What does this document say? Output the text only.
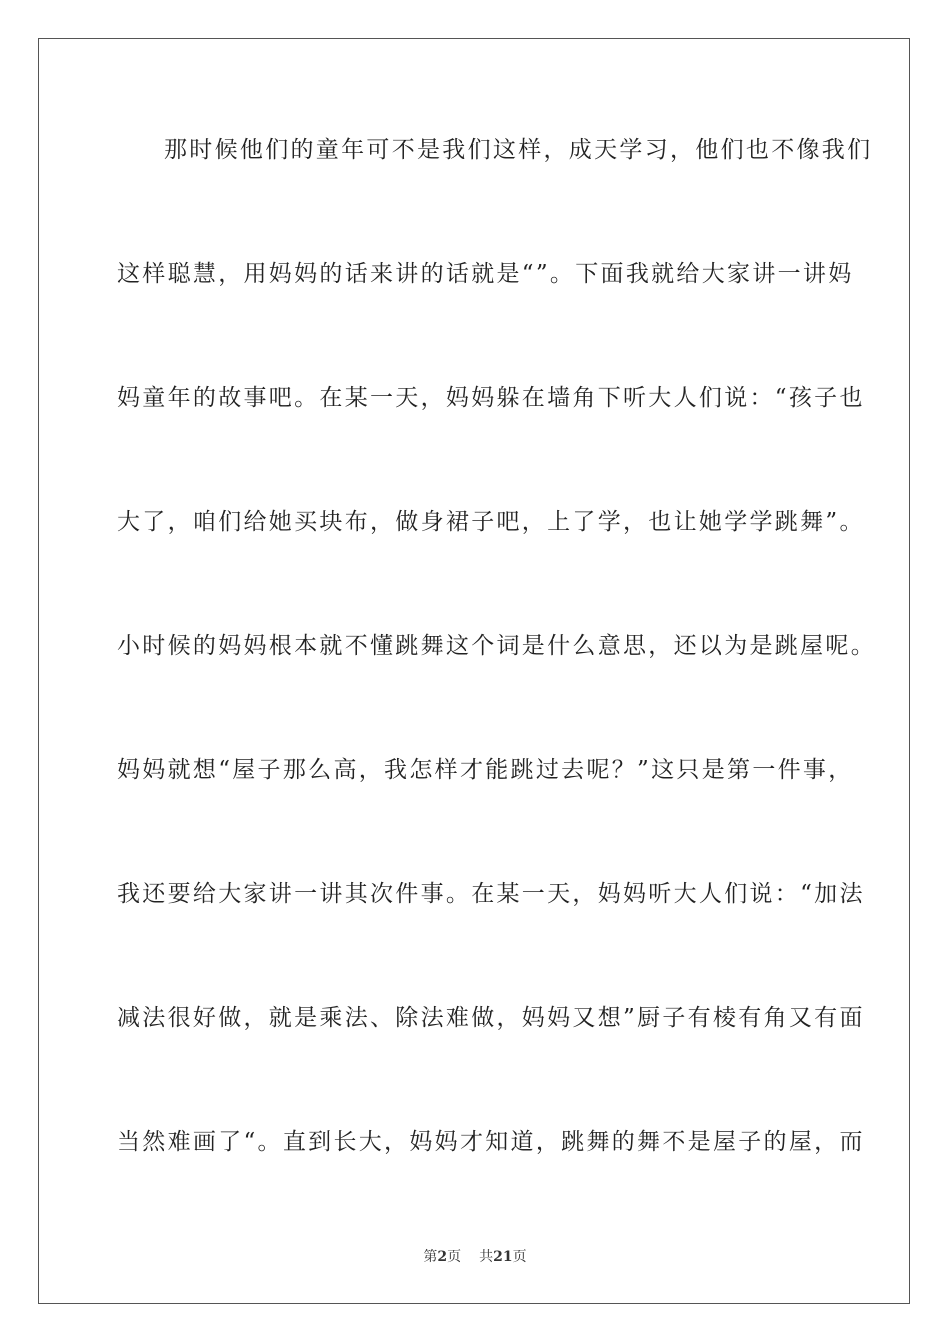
那时候他们的童年可不是我们这样，成天学习，他们也不像我们

这样聪慧，用妈妈的话来讲的话就是“”。下面我就给大家讲一讲妈

妈童年的故事吧。在某一天，妈妈躲在墙角下听大人们说：“孩子也

大了，咱们给她买块布，做身裙子吧，上了学，也让她学学跳舞”。

小时候的妈妈根本就不懂跳舞这个词是什么意思，还以为是跳屋呢。

妈妈就想“屋子那么高，我怎样才能跳过去呢？”这只是第一件事，

我还要给大家讲一讲其次件事。在某一天，妈妈听大人们说：“加法

减法很好做，就是乘法、除法难做，妈妈又想”厨子有棱有角又有面

当然难画了“。直到长大，妈妈才知道，跳舞的舞不是屋子的屋，而

第2页 共21页
